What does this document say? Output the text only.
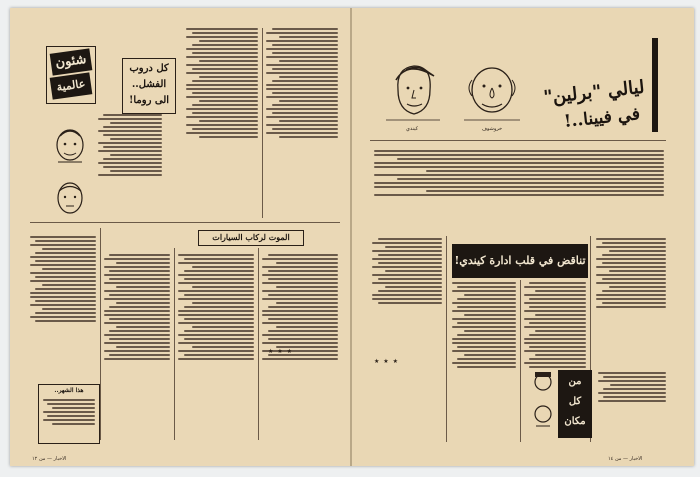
شئون
عالمية
كل دروب
الفشل..
الى روما!
الموت لركاب السيارات
هذا الشهر..
★ ★ ★
الاخبار — من ١٢
كيندي	خروشوف
ليالي "برلين"
في فيينا..!
تناقض في قلب ادارة كيندي!
من
كل
مكان
★ ★ ★
الاخبار — من ١٤
